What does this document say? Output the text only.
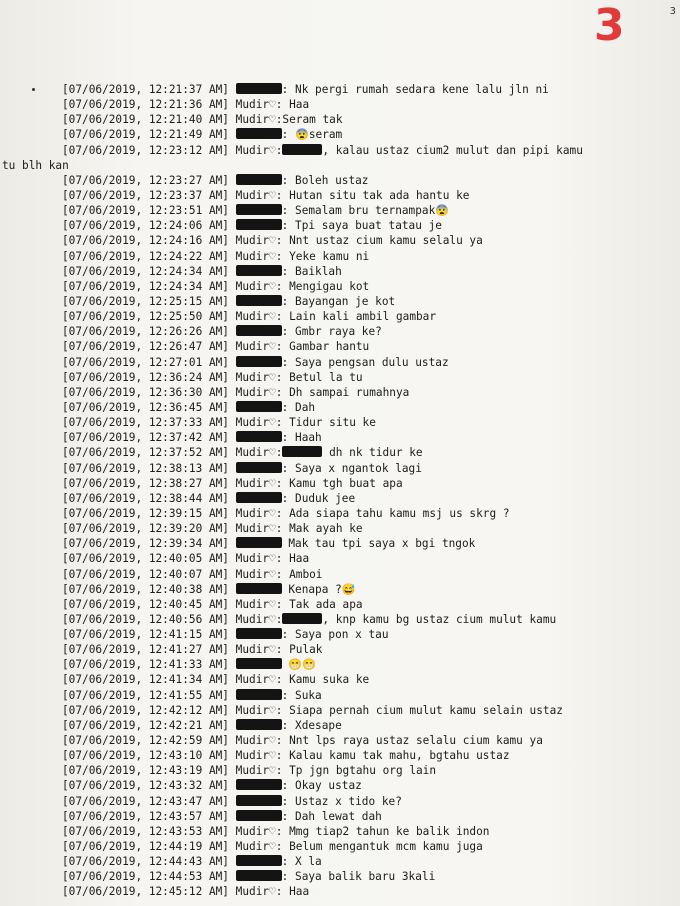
3	3
[07/06/2019, 12:21:37 AM]	: Nk pergi rumah sedara kene lalu jln ni
[07/06/2019, 12:21:36 AM] Mudir♡: Haa
[07/06/2019, 12:21:40 AM] Mudir♡:Seram tak
[07/06/2019, 12:21:49 AM]	: 😨seram
[07/06/2019, 12:23:12 AM] Mudir♡:	, kalau ustaz cium2 mulut dan pipi kamu
tu blh kan
[07/06/2019, 12:23:27 AM]	: Boleh ustaz
[07/06/2019, 12:23:37 AM] Mudir♡: Hutan situ tak ada hantu ke
[07/06/2019, 12:23:51 AM]	: Semalam bru ternampak😨
[07/06/2019, 12:24:06 AM]	: Tpi saya buat tatau je
[07/06/2019, 12:24:16 AM] Mudir♡: Nnt ustaz cium kamu selalu ya
[07/06/2019, 12:24:22 AM] Mudir♡: Yeke kamu ni
[07/06/2019, 12:24:34 AM]	: Baiklah
[07/06/2019, 12:24:34 AM] Mudir♡: Mengigau kot
[07/06/2019, 12:25:15 AM]	: Bayangan je kot
[07/06/2019, 12:25:50 AM] Mudir♡: Lain kali ambil gambar
[07/06/2019, 12:26:26 AM]	: Gmbr raya ke?
[07/06/2019, 12:26:47 AM] Mudir♡: Gambar hantu
[07/06/2019, 12:27:01 AM]	: Saya pengsan dulu ustaz
[07/06/2019, 12:36:24 AM] Mudir♡: Betul la tu
[07/06/2019, 12:36:30 AM] Mudir♡: Dh sampai rumahnya
[07/06/2019, 12:36:45 AM]	: Dah
[07/06/2019, 12:37:33 AM] Mudir♡: Tidur situ ke
[07/06/2019, 12:37:42 AM]	: Haah
[07/06/2019, 12:37:52 AM] Mudir♡:	dh nk tidur ke
[07/06/2019, 12:38:13 AM]	: Saya x ngantok lagi
[07/06/2019, 12:38:27 AM] Mudir♡: Kamu tgh buat apa
[07/06/2019, 12:38:44 AM]	: Duduk jee
[07/06/2019, 12:39:15 AM] Mudir♡: Ada siapa tahu kamu msj us skrg ?
[07/06/2019, 12:39:20 AM] Mudir♡: Mak ayah ke
[07/06/2019, 12:39:34 AM]	Mak tau tpi saya x bgi tngok
[07/06/2019, 12:40:05 AM] Mudir♡: Haa
[07/06/2019, 12:40:07 AM] Mudir♡: Amboi
[07/06/2019, 12:40:38 AM]	Kenapa ?😅
[07/06/2019, 12:40:45 AM] Mudir♡: Tak ada apa
[07/06/2019, 12:40:56 AM] Mudir♡:	, knp kamu bg ustaz cium mulut kamu
[07/06/2019, 12:41:15 AM]	: Saya pon x tau
[07/06/2019, 12:41:27 AM] Mudir♡: Pulak
[07/06/2019, 12:41:33 AM]	😁😁
[07/06/2019, 12:41:34 AM] Mudir♡: Kamu suka ke
[07/06/2019, 12:41:55 AM]	: Suka
[07/06/2019, 12:42:12 AM] Mudir♡: Siapa pernah cium mulut kamu selain ustaz
[07/06/2019, 12:42:21 AM]	: Xdesape
[07/06/2019, 12:42:59 AM] Mudir♡: Nnt lps raya ustaz selalu cium kamu ya
[07/06/2019, 12:43:10 AM] Mudir♡: Kalau kamu tak mahu, bgtahu ustaz
[07/06/2019, 12:43:19 AM] Mudir♡: Tp jgn bgtahu org lain
[07/06/2019, 12:43:32 AM]	: Okay ustaz
[07/06/2019, 12:43:47 AM]	: Ustaz x tido ke?
[07/06/2019, 12:43:57 AM]	: Dah lewat dah
[07/06/2019, 12:43:53 AM] Mudir♡: Mmg tiap2 tahun ke balik indon
[07/06/2019, 12:44:19 AM] Mudir♡: Belum mengantuk mcm kamu juga
[07/06/2019, 12:44:43 AM]	: X la
[07/06/2019, 12:44:53 AM]	: Saya balik baru 3kali
[07/06/2019, 12:45:12 AM] Mudir♡: Haa
